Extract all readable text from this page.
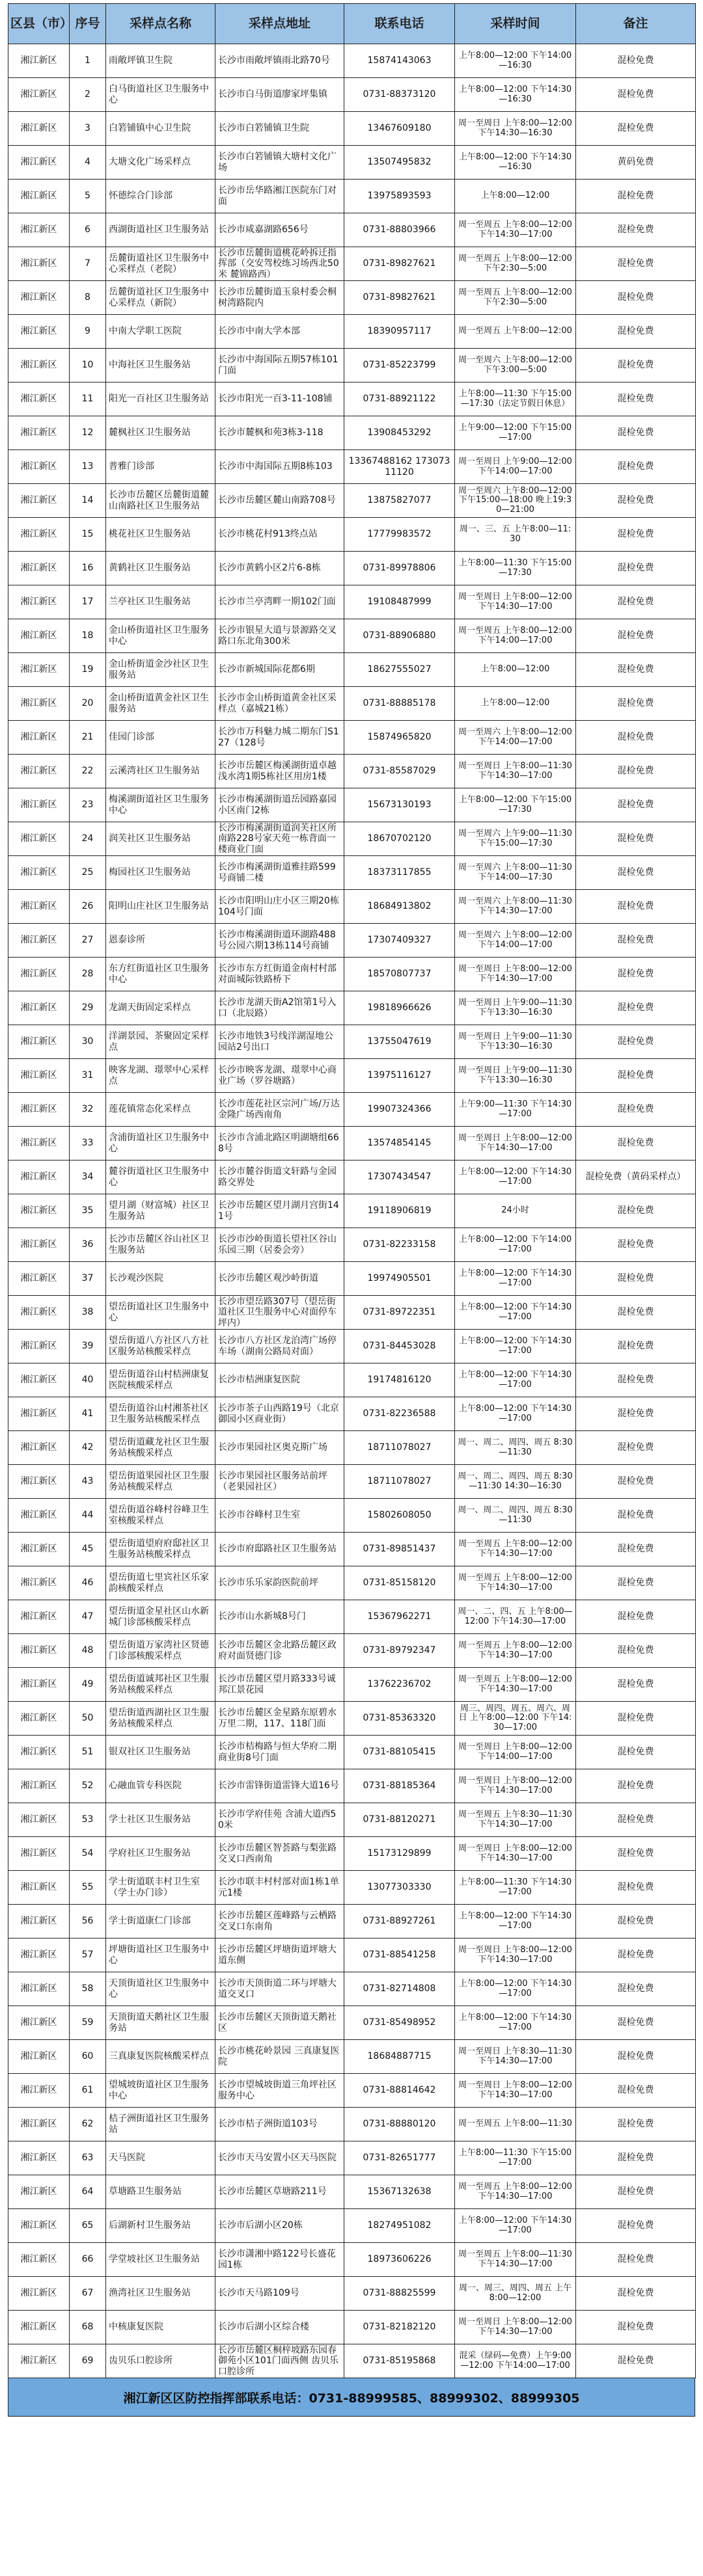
区县（市）	序号	采样点名称	采样点地址	联系电话	采样时间	备注
湘江新区	1	雨敞坪镇卫生院	长沙市雨敞坪镇雨北路70号	15874143063	上午8:00—12:00 下午14:00—16:30	混检免费
湘江新区	2	白马街道社区卫生服务中心	长沙市白马街道廖家坪集镇	0731-88373120	上午8:00—12:00 下午14:30—16:30	混检免费
湘江新区	3	白箬铺镇中心卫生院	长沙市白箬铺镇卫生院	13467609180	周一至周日 上午8:00—12:00 下午14:30—16:30	混检免费
湘江新区	4	大塘文化广场采样点	长沙市白箬铺镇大塘村文化广场	13507495832	上午8:00—12:00 下午14:30—16:30	黄码免费
湘江新区	5	怀德综合门诊部	长沙市岳华路湘江医院东门对面	13975893593	上午8:00—12:00	混检免费
湘江新区	6	西湖街道社区卫生服务站	长沙市咸嘉湖路656号	0731-88803966	周一至周五 上午8:00—12:00 下午14:30—17:00	混检免费
湘江新区	7	岳麓街道社区卫生服务中心采样点（老院）	长沙市岳麓街道桃花岭拆迁指挥部（交安驾校练习场西北50米 麓锦路西）	0731-89827621	周一至周五 上午8:00—12:00 下午2:30—5:00	混检免费
湘江新区	8	岳麓街道社区卫生服务中心采样点（新院）	长沙市岳麓街道玉泉村委会桐树湾路院内	0731-89827621	周一至周五 上午8:00—12:00 下午2:30—5:00	混检免费
湘江新区	9	中南大学职工医院	长沙市中南大学本部	18390957117	周一至周五 上午8:00—12:00	混检免费
湘江新区	10	中海社区卫生服务站	长沙市中海国际五期57栋101门面	0731-85223799	周一至周六 上午8:00—12:00 下午3:00—5:00	混检免费
湘江新区	11	阳光一百社区卫生服务站	长沙市阳光一百3-11-108铺	0731-88921122	上午8:00—11:30 下午15:00—17:30（法定节假日休息）	混检免费
湘江新区	12	麓枫社区卫生服务站	长沙市麓枫和苑3栋3-118	13908453292	上午9:00—12:00 下午15:00—17:00	混检免费
湘江新区	13	普雅门诊部	长沙市中海国际五期8栋103	13367488162 17307311120	周一至周日 上午9:00—12:00 下午14:00—17:00	混检免费
湘江新区	14	长沙市岳麓区岳麓街道麓山南路社区卫生服务站	长沙市岳麓区麓山南路708号	13875827077	周一至周六 上午8:00—12:00 下午15:00—18:00 晚上19:30—21:00	混检免费
湘江新区	15	桃花社区卫生服务站	长沙市桃花村913终点站	17779983572	周一、三、五 上午8:00—11:30	混检免费
湘江新区	16	黄鹤社区卫生服务站	长沙市黄鹤小区2片6-8栋	0731-89978806	上午8:00—11:30 下午15:00—17:30	混检免费
湘江新区	17	兰亭社区卫生服务站	长沙市兰亭湾畔一期102门面	19108487999	周一至周日 上午8:00—12:00 下午14:30—17:00	混检免费
湘江新区	18	金山桥街道社区卫生服务中心	长沙市银星大道与景源路交叉路口东北角300米	0731-88906880	周一至周五 上午8:00—12:00 下午14:00—17:00	混检免费
湘江新区	19	金山桥街道金沙社区卫生服务站	长沙市新城国际花都6期	18627555027	上午8:00—12:00	混检免费
湘江新区	20	金山桥街道黄金社区卫生服务站	长沙市金山桥街道黄金社区采样点（嘉城21栋）	0731-88885178	上午8:00—12:00	混检免费
湘江新区	21	佳园门诊部	长沙市万科魅力城二期东门S127（128号	15874965820	周一至周六 上午8:00—12:00 下午14:00—17:00	混检免费
湘江新区	22	云溪湾社区卫生服务站	长沙市岳麓区梅溪湖街道卓越浅水湾1期5栋社区用房1楼	0731-85587029	周一至周日 上午8:00—11:30 下午14:30—17:00	混检免费
湘江新区	23	梅溪湖街道社区卫生服务中心	长沙市梅溪湖街道岳园路嘉园小区南门2栋	15673130193	上午8:00—12:00 下午15:00—17:30	混检免费
湘江新区	24	润芙社区卫生服务站	长沙市梅溪湖街道润芙社区所南路228号家天苑一栋背面一楼商业门面	18670702120	周一至周六 上午9:00—11:30 下午15:00—17:30	混检免费
湘江新区	25	梅园社区卫生服务站	长沙市梅溪湖街道雅挂路599号商铺二楼	18373117855	周一至周六 上午8:00—11:30 下午14:00—17:30	混检免费
湘江新区	26	阳明山庄社区卫生服务站	长沙市阳明山庄小区三期20栋104号门面	18684913802	周一至周六 上午8:00—11:30 下午14:30—17:00	混检免费
湘江新区	27	恩泰诊所	长沙市梅溪湖街道环湖路488号公园六期13栋114号商铺	17307409327	周一至周六 上午8:00—12:00 下午14:00—17:00	混检免费
湘江新区	28	东方红街道社区卫生服务中心	长沙市东方红街道金南村村部对面城际铁路桥下	18570807737	周一至周日 上午8:00—12:00 下午14:30—17:00	混检免费
湘江新区	29	龙湖天街固定采样点	长沙市龙湖天街A2馆第1号入口（北辰路）	19818966626	周一至周日 上午9:00—11:30 下午13:30—16:30	混检免费
湘江新区	30	洋湖景园、茶聚固定采样点	长沙市地铁3号线洋湖湿地公园站2号出口	13755047619	周一至周日 上午9:00—11:30 下午13:30—16:30	混检免费
湘江新区	31	映客龙湖、璟翠中心采样点	长沙市映客龙湖、璟翠中心商业广场（罗谷塘路）	13975116127	周一至周日 上午9:00—11:30 下午13:30—16:30	混检免费
湘江新区	32	莲花镇常态化采样点	长沙市莲花社区宗河广场/万达金隆广场西南角	19907324366	上午9:00—11:30 下午14:30—17:00	混检免费
湘江新区	33	含浦街道社区卫生服务中心	长沙市含浦北路区明湖塘组668号	13574854145	周一至周日 上午8:00—12:00 下午14:30—17:00	混检免费
湘江新区	34	麓谷街道社区卫生服务中心	长沙市麓谷街道文轩路与金园路交界处	17307434547	上午8:00—12:00 下午14:30—17:00	混检免费（黄码采样点）
湘江新区	35	望月湖（财富城）社区卫生服务站	长沙市岳麓区望月湖月宫街141号	19118906819	24小时	混检免费
湘江新区	36	长沙市岳麓区谷山社区卫生服务站	长沙市沙岭街道长望社区谷山乐园三期（居委会旁）	0731-82233158	上午8:00—12:00 下午14:00—17:00	混检免费
湘江新区	37	长沙观沙医院	长沙市岳麓区观沙岭街道	19974905501	上午8:00—12:00 下午14:30—17:00	混检免费
湘江新区	38	望岳街道社区卫生服务中心	长沙市望岳路307号（望岳街道社区卫生服务中心对面停车坪内）	0731-89722351	上午8:00—12:00 下午14:30—17:00	混检免费
湘江新区	39	望岳街道八方社区八方社区服务站核酸采样点	长沙市八方社区龙泊湾广场停车场（湖南公路局对面）	0731-84453028	上午8:00—12:00 下午14:30—17:00	混检免费
湘江新区	40	望岳街道谷山村桔洲康复医院核酸采样点	长沙市桔洲康复医院	19174816120	上午8:00—12:00 下午14:30—17:00	混检免费
湘江新区	41	望岳街道谷山村湘茶社区卫生服务站核酸采样点	长沙市茶子山西路19号（北京御园小区商业街）	0731-82236588	上午8:00—12:00 下午14:30—17:00	混检免费
湘江新区	42	望岳街道藏龙社区卫生服务站核酸采样点	长沙市果园社区奥克斯广场	18711078027	周一、周二、周四、周五 8:30—11:30	混检免费
湘江新区	43	望岳街道果园社区卫生服务站核酸采样点	长沙市果园社区服务站前坪（老果园社区）	18711078027	周一、周二、周四、周五 8:30—11:30 14:30—16:30	混检免费
湘江新区	44	望岳街道谷峰村谷峰卫生室核酸采样点	长沙市谷峰村卫生室	15802608050	周一、周二、周四、周五 8:30—11:30	混检免费
湘江新区	45	望岳街道望府府邸社区卫生服务站核酸采样点	长沙市府邸路社区卫生服务站	0731-89851437	周一至周五 上午8:00—12:00 下午14:30—17:00	混检免费
湘江新区	46	望岳街道七里宾社区乐家韵核酸采样点	长沙市乐乐家韵医院前坪	0731-85158120	周一至周五 上午8:00—12:00 下午14:30—17:00	混检免费
湘江新区	47	望岳街道金星社区山水新城门诊部核酸采样点	长沙市山水新城8号门	15367962271	周一、二、四、五 上午8:00—12:00 下午14:30—17:00	混检免费
湘江新区	48	望岳街道万家湾社区贤德门诊部核酸采样点	长沙市岳麓区金北路岳麓区政府对面贤德门诊	0731-89792347	周一至周五 上午8:00—12:00 下午14:30—17:00	混检免费
湘江新区	49	望岳街道诚邦社区卫生服务站核酸采样点	长沙市岳麓区望月路333号诚邦江景花园	13762236702	周一至周五 上午8:00—12:00 下午14:30—17:00	混检免费
湘江新区	50	望岳街道西湖社区卫生服务站核酸采样点	长沙市岳麓区金星路东原碧水万里二期，117、118门面	0731-85363320	周三、周四、周五、周六、周日 上午8:00—12:00 下午14:30—17:00	混检免费
湘江新区	51	银双社区卫生服务站	长沙市桔梅路与恒大华府二期商业街8号门面	0731-88105415	周一至周日 上午8:00—12:00 下午14:00—17:00	混检免费
湘江新区	52	心融血管专科医院	长沙市雷锋街道雷锋大道16号	0731-88185364	周一至周日 上午8:00—12:00 下午14:30—17:00	混检免费
湘江新区	53	学士社区卫生服务站	长沙市学府佳苑 含浦大道西50米	0731-88120271	周一至周五 上午8:30—11:30 下午14:30—17:00	混检免费
湘江新区	54	学府社区卫生服务站	长沙市岳麓区智荟路与梨张路交叉口西南角	15173129899	周一至周日 上午8:00—12:00 下午14:30—17:00	混检免费
湘江新区	55	学士街道联丰村卫生室（学士办门诊）	长沙市联丰村村部对面1栋1单元1楼	13077303330	上午8:00—11:30 下午14:30—17:00	混检免费
湘江新区	56	学士街道康仁门诊部	长沙市岳麓区莲峰路与云栖路交叉口东南角	0731-88927261	上午8:00—12:00 下午14:30—17:00	混检免费
湘江新区	57	坪塘街道社区卫生服务中心	长沙市岳麓区坪塘街道坪塘大道东侧	0731-88541258	周一至周日 上午8:00—12:00 下午14:30—17:00	混检免费
湘江新区	58	天顶街道社区卫生服务中心	长沙市天顶街道二环与坪塘大道交叉口	0731-82714808	上午8:00—12:00 下午14:30—17:00	混检免费
湘江新区	59	天顶街道天鹅社区卫生服务站	长沙市岳麓区天顶街道天鹅社区	0731-85498952	上午8:00—12:00 下午14:30—17:00	混检免费
湘江新区	60	三真康复医院核酸采样点	长沙市桃花岭景园 三真康复医院	18684887715	周一至周日 上午8:30—11:30 下午14:30—17:00	混检免费
湘江新区	61	望城坡街道社区卫生服务中心	长沙市望城坡街道三角坪社区服务中心	0731-88814642	周一至周日 上午8:00—12:00 下午14:30—17:00	混检免费
湘江新区	62	桔子洲街道社区卫生服务站	长沙市桔子洲街道103号	0731-88880120	周一至周五 上午8:00—11:30	混检免费
湘江新区	63	天马医院	长沙市天马安置小区天马医院	0731-82651777	上午8:00—11:30 下午15:00—17:00	混检免费
湘江新区	64	草塘路卫生服务站	长沙市岳麓区草塘路211号	15367132638	周一至周五 上午8:00—12:00 下午14:30—17:00	混检免费
湘江新区	65	后湖新村卫生服务站	长沙市后湖小区20栋	18274951082	上午8:00—12:00 下午14:30—17:00	混检免费
湘江新区	66	学堂坡社区卫生服务站	长沙市潇湘中路122号长盛花园1栋	18973606226	周一至周五 上午8:00—11:30 下午14:30—17:00	混检免费
湘江新区	67	渔湾社区卫生服务站	长沙市天马路109号	0731-88825599	周一、周三、周四、周五 上午8:00—12:00	混检免费
湘江新区	68	中核康复医院	长沙市后湖小区综合楼	0731-82182120	周一至周日 上午8:00—12:00 下午14:30—17:00	混检免费
湘江新区	69	齿贝乐口腔诊所	长沙市岳麓区桐梓坡路东园春御苑小区101门面西侧 齿贝乐口腔诊所	0731-85195868	混采（绿码—免费）上午9:00—12:00 下午14:00—17:00	混检免费
湘江新区区防控指挥部联系电话：0731-88999585、88999302、88999305
